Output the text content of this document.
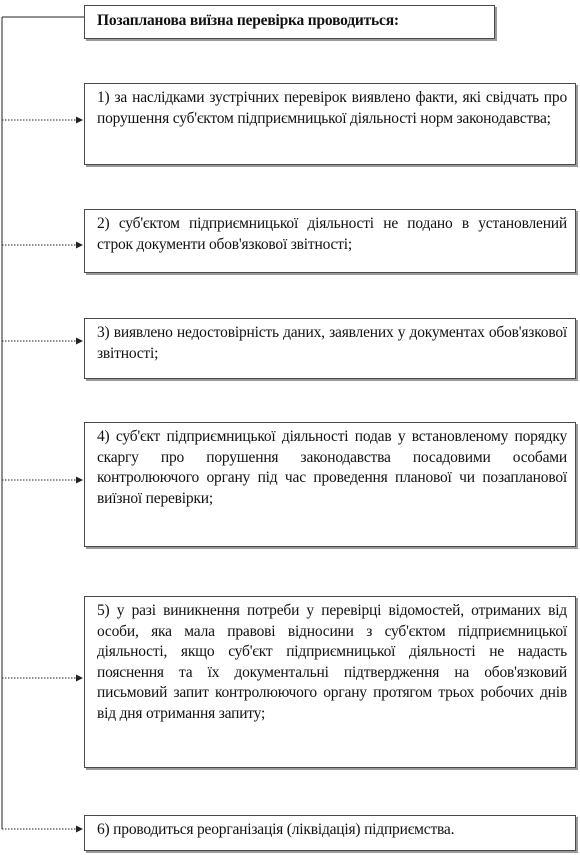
Позапланова виїзна перевірка проводиться:

1) за наслідками зустрічних перевірок виявлено факти, які свідчать про порушення суб'єктом підприємницької діяльності норм законодавства;

2) суб'єктом підприємницької діяльності не подано в установлений строк документи обов'язкової звітності;

3) виявлено недостовірність даних, заявлених у документах обов'язкової звітності;

4) суб'єкт підприємницької діяльності подав у встановленому порядку скаргу про порушення законодавства посадовими особами контролюючого органу під час проведення планової чи позапланової виїзної перевірки;

5) у разі виникнення потреби у перевірці відомостей, отриманих від особи, яка мала правові відносини з суб'єктом підприємницької діяльності, якщо суб'єкт підприємницької діяльності не надасть пояснення та їх документальні підтвердження на обов'язковий письмовий запит контролюючого органу протягом трьох робочих днів від дня отримання запиту;

6) проводиться реорганізація (ліквідація) підприємства.
